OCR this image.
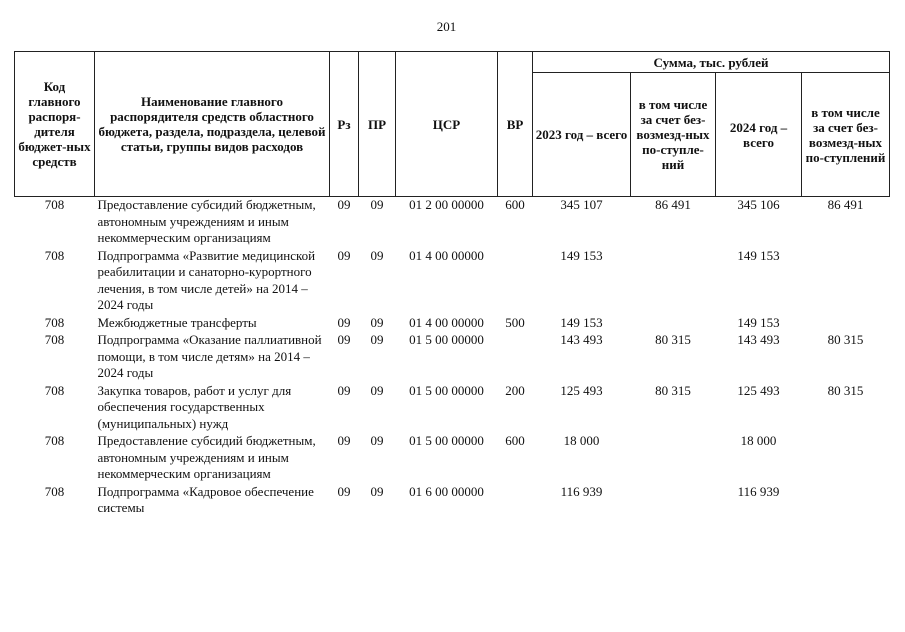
201
Код главного распоря-дителя бюджет-ных средств	Наименование главного распорядителя средств областного бюджета, раздела, подраздела, целевой статьи, группы видов расходов	Рз	ПР	ЦСР	ВР	Сумма, тыс. рублей			
						2023 год – всего	в том числе за счет без-возмезд-ных по-ступле-ний	2024 год – всего	в том числе за счет без-возмезд-ных по-ступлений
708	Предоставление субсидий бюджетным, автономным учреждениям и иным некоммерческим организациям	09	09	01 2 00 00000	600	345 107	86 491	345 106	86 491
708	Подпрограмма «Развитие медицинской реабилитации и санаторно-курортного лечения, в том числе детей» на 2014 – 2024 годы	09	09	01 4 00 00000		149 153		149 153	
708	Межбюджетные трансферты	09	09	01 4 00 00000	500	149 153		149 153	
708	Подпрограмма «Оказание паллиативной помощи, в том числе детям» на 2014 – 2024 годы	09	09	01 5 00 00000		143 493	80 315	143 493	80 315
708	Закупка товаров, работ и услуг для обеспечения государственных (муниципальных) нужд	09	09	01 5 00 00000	200	125 493	80 315	125 493	80 315
708	Предоставление субсидий бюджетным, автономным учреждениям и иным некоммерческим организациям	09	09	01 5 00 00000	600	18 000		18 000	
708	Подпрограмма «Кадровое обеспечение системы	09	09	01 6 00 00000		116 939		116 939	
